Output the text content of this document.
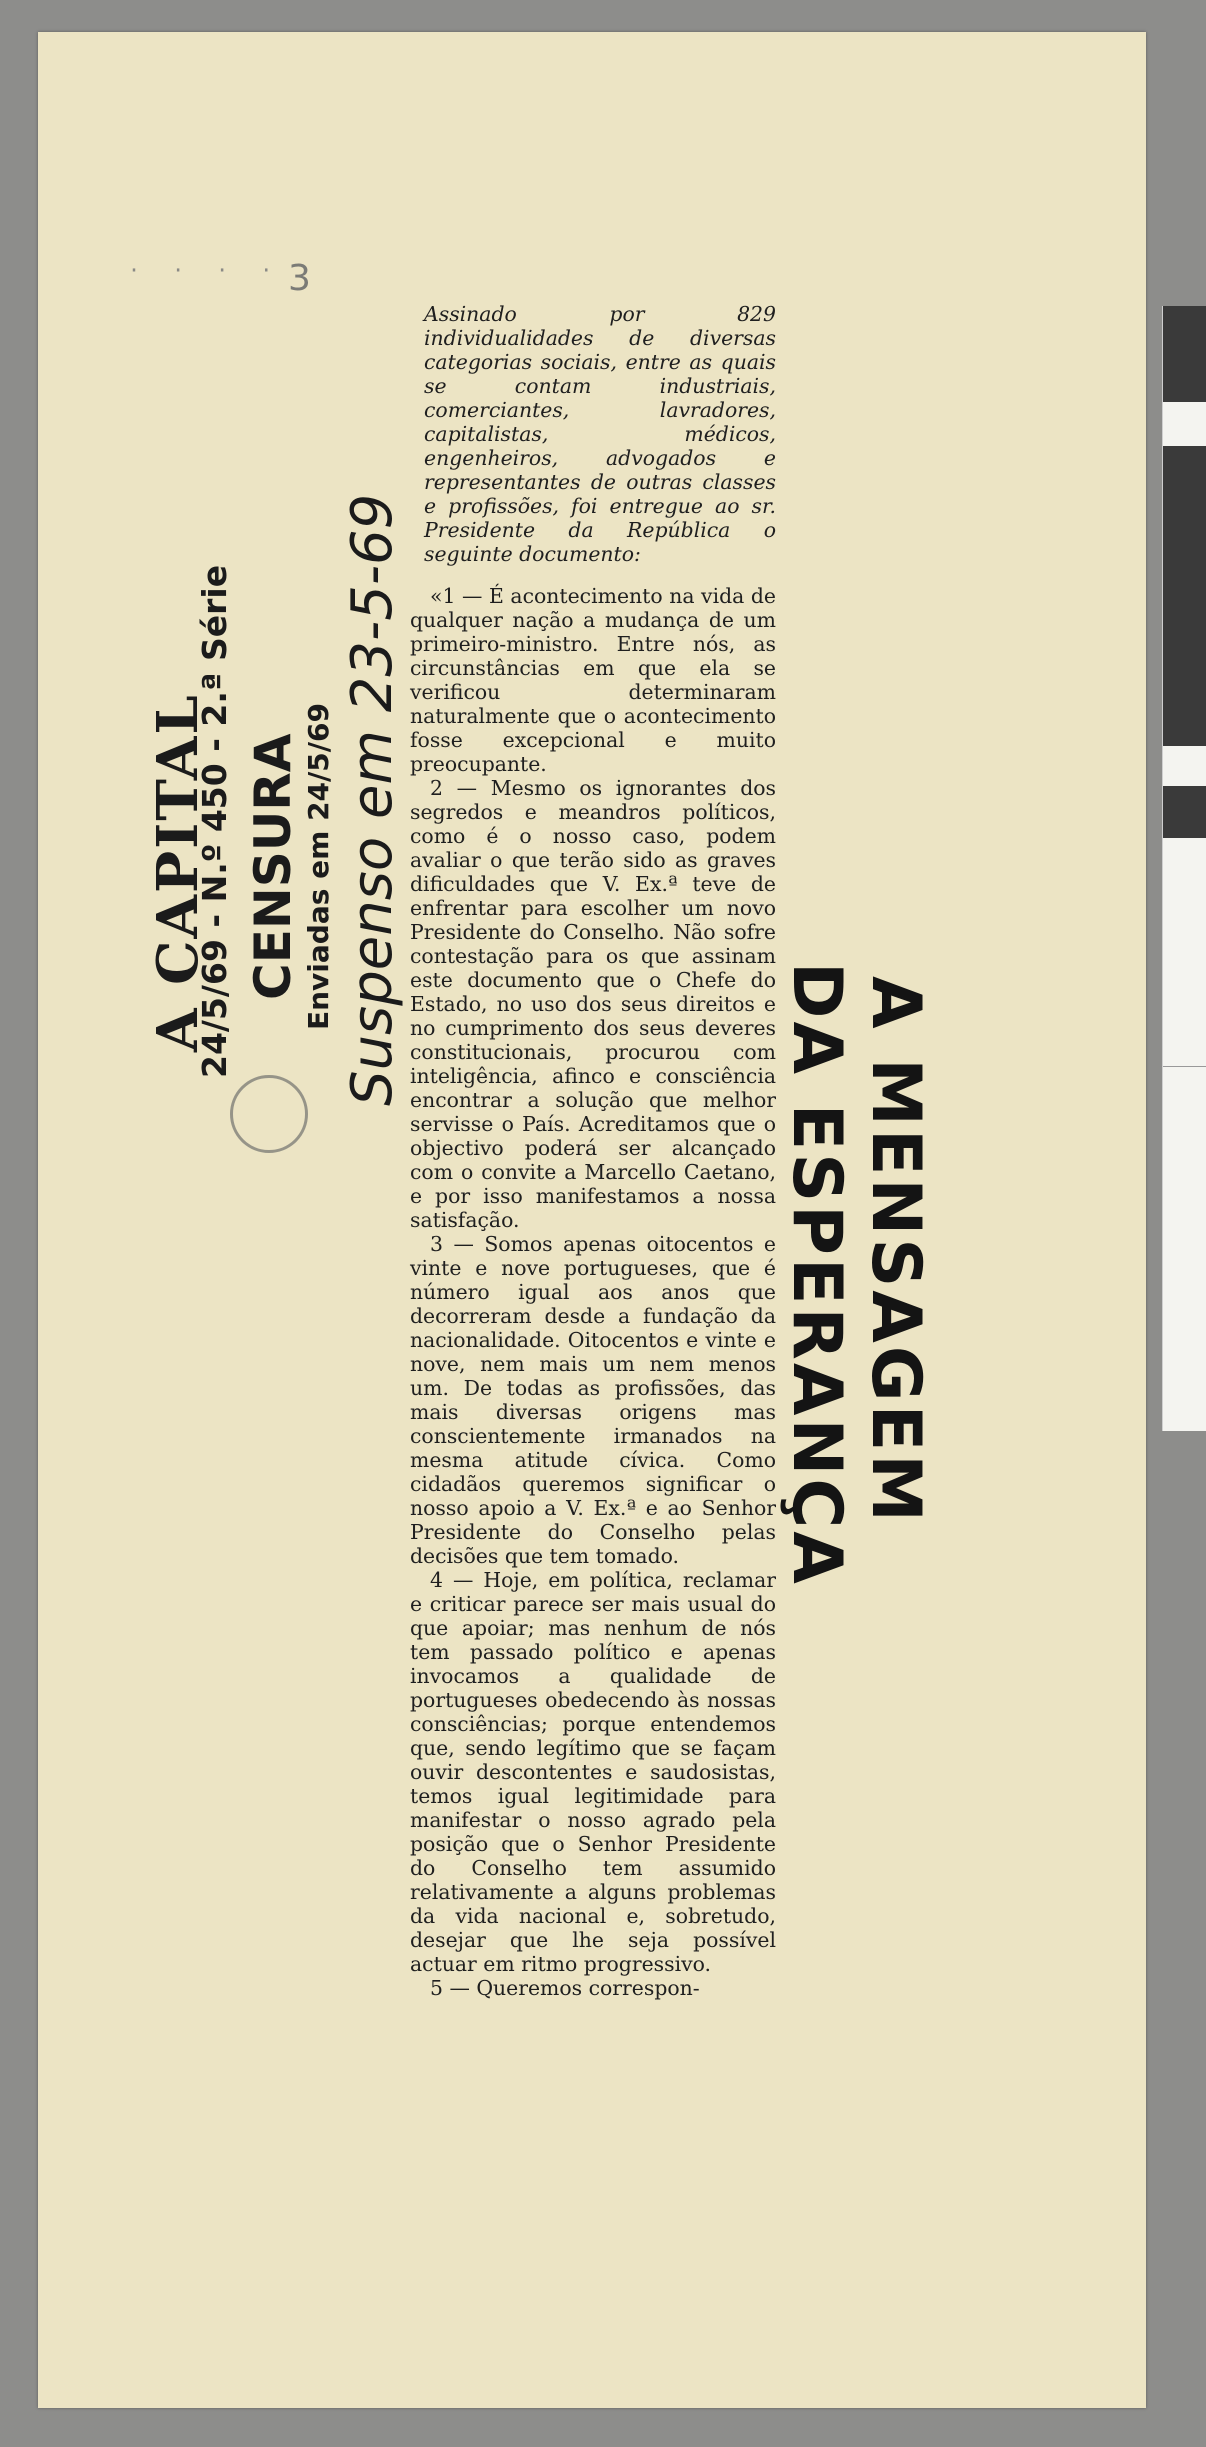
· · · · 3
A CAPITAL
24/5/69 - N.º 450 - 2.ª Série CENSURA Enviadas em 24/5/69 Suspenso em 23-5-69
A MENSAGEM
DA ESPERANÇA

Assinado por 829 individualidades de diversas categorias sociais, entre as quais se contam industriais, comerciantes, lavradores, capitalistas, médicos, engenheiros, advogados e representantes de outras classes e profissões, foi entregue ao sr. Presidente da República o seguinte documento:

«1 — É acontecimento na vida de qualquer nação a mudança de um primeiro-ministro. Entre nós, as circunstâncias em que ela se verificou determinaram naturalmente que o acontecimento fosse excepcional e muito preocupante.

2 — Mesmo os ignorantes dos segredos e meandros políticos, como é o nosso caso, podem avaliar o que terão sido as graves dificuldades que V. Ex.ª teve de enfrentar para escolher um novo Presidente do Conselho. Não sofre contestação para os que assinam este documento que o Chefe do Estado, no uso dos seus direitos e no cumprimento dos seus deveres constitucionais, procurou com inteligência, afinco e consciência encontrar a solução que melhor servisse o País. Acreditamos que o objectivo poderá ser alcançado com o convite a Marcello Caetano, e por isso manifestamos a nossa satisfação.

3 — Somos apenas oitocentos e vinte e nove portugueses, que é número igual aos anos que decorreram desde a fundação da nacionalidade. Oitocentos e vinte e nove, nem mais um nem menos um. De todas as profissões, das mais diversas origens mas conscientemente irmanados na mesma atitude cívica. Como cidadãos queremos significar o nosso apoio a V. Ex.ª e ao Senhor Presidente do Conselho pelas decisões que tem tomado.

4 — Hoje, em política, reclamar e criticar parece ser mais usual do que apoiar; mas nenhum de nós tem passado político e apenas invocamos a qualidade de portugueses obedecendo às nossas consciências; porque entendemos que, sendo legítimo que se façam ouvir descontentes e saudosistas, temos igual legitimidade para manifestar o nosso agrado pela posição que o Senhor Presidente do Conselho tem assumido relativamente a alguns problemas da vida nacional e, sobretudo, desejar que lhe seja possível actuar em ritmo progressivo.

5 — Queremos correspon-
